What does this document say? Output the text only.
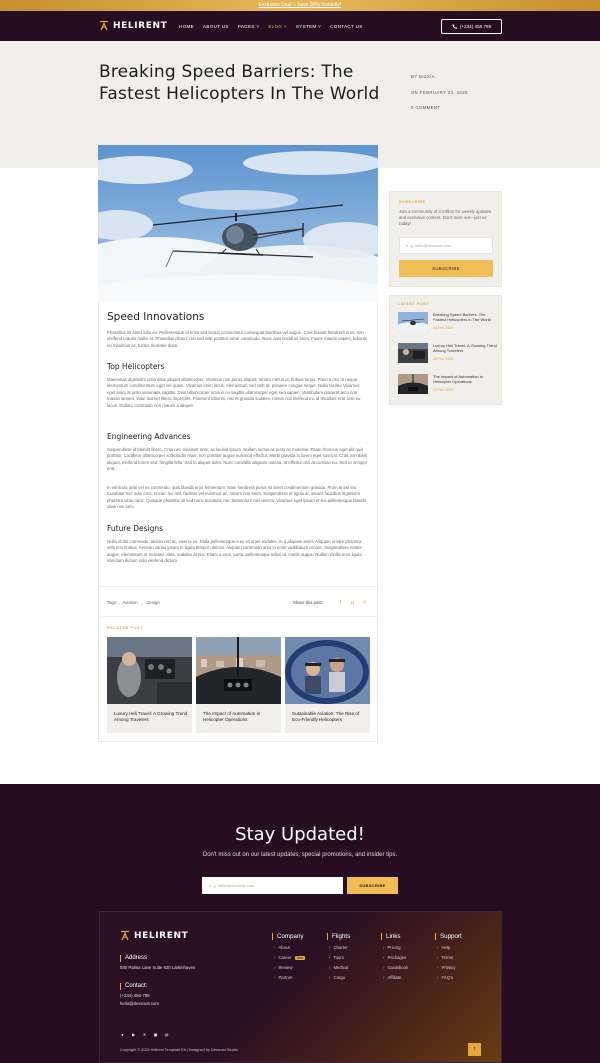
Exclusive Deal – Save 30% Instantly!
HELIRENT	HOME ABOUT US PAGES ˅ BLOG ˅ SYSTEM ˅ CONTACT US	(+234) 456 789
Breaking Speed Barriers: The Fastest Helicopters In The World
BY BIZXIA
ON FEBRUARY 23, 2025
0 COMMENT
Speed Innovations
Phasellus sit amet odio ex. Pellentesque id enim sed lectus consectetur consequat faucibus vel augue. Cras blandit hendrerit eros, non eleifend mauris mollis et. Phasellus dictum nisi sed velit porttitor tortor commodo. Nunc quis tincidunt enim. Fusce mauris sapien, lobortis eu maximus ac, luctus molestie diam.
Top Helicopters
Maecenas dignissim urna vitae aliquet ullamcorper. Vivamus non purus aliquet, ornare metus ut, finibus turpis. Proin a orci ut neque elementum condimentum eget vel quam. Vivamus enim lacus, elementum sed velit at, posuere congue neque. Nulla facilisi. Vivamus eget enim at justo venenatis sagittis. Duis ullamcorper urna in mi sagittis ullamcorper eget sed sapien. Vestibulum placerat arcu non massa laoreet, vitae laoreet libero imperdiet. Praesent lobortis, nisi et gravida sodales, metus nisl eleifend ex, id tincidunt erat sem eu lacus. Nullam commodo non mauris a aliquet.
Engineering Advances
Suspendisse id blandit libero. Cras nec tincidunt ante, ac lacinia ipsum. Nullam luctus ac justo ac molestie. Etiam rhoncus eget elit quis porttitor. Curabitur ullamcorper sollicitudin risus, non porttitor augue euismod efficitur. Morbi gravida in lorem eget suscipit. Cras non diam aliquet, eleifend lorem sed, fringilla felis. Sed in aliquet dolor. Nunc convallis aliquam massa, at efficitur orci accumsan eu. Sed et semper erat.
In vehicula ante vel ex commodo, quis blandit eros fermentum. Nam hendrerit purus sit amet condimentum gravida. Proin at est leo. Curabitur nec odio eros. Donec leo nisl, facilisis vel euismod ac, rutrum non enim. Suspendisse et ligula ac mauris faucibus dignissim pharetra vitae nunc. Quisque pharetra mi sed nunc tincidunt, nec fermentum nisl viverra. Vivamus eget ipsum et leo pellentesque blandit vitae non sem.
Future Designs
Nulla id dui commodo, lacinia nisl ac, viverra ex. Nulla pellentesque a ex sit amet sodales. In a aliquam enim. Aliquam ornare pharetra velit non finibus. Aenean varius ipsum in ligula tempor ultrices. Aliquam commodo arcu in enim vestibulum ornare. Suspendisse metus augue, elementum et molestie vitae, sodales at nisi. Etiam a eros, porta, pellentesque tellus at, mattis augue. Nullam mollis eros ligula, interdum dictum odio eleifend dictum.
Tags: Aviation , Design	Share this post:	f	◘	℗
RELATED POST
Luxury Heli Travel: A Growing Trend Among Travelers
The Impact of Automation in Helicopter Operations
Sustainable Aviation: The Rise of Eco-Friendly Helicopters
SUBSCRIBE
Join a community of 3 million for weekly updates and exclusive content. Don't miss out—join us today!
e. g. hello@devsrust.com
SUBSCRIBE
LATEST POST
Breaking Speed Barriers: The Fastest Helicopters in The World
23 Feb 2025
Luxury Heli Travel: A Growing Trend Among Travelers
23 Feb 2025
The Impact of Automation in Helicopter Operations
23 Feb 2025
Stay Updated!
Don't miss out on our latest updates, special promotions, and insider tips.
e. g. hello@devsrust.com	SUBSCRIBE
HELIRENT
Address
930 Palma Lane Suite 920 Larkinhaven
Contact:
(+234) 456-789
hello@devsrust.com
Company
› About
› Career	New
› Review
› Partner
Flights
› Charter
› Tours
› Medical
› Cargo
Links
› Pricing
› Packages
› Guidebook
› Affiliate
Support
› Help
› Terms
› Privacy
› FAQ's
●	▶	✕	▣	@
Copyright © 2025 Helirent Template Kit | Designed by Devsrust Studio	↑
